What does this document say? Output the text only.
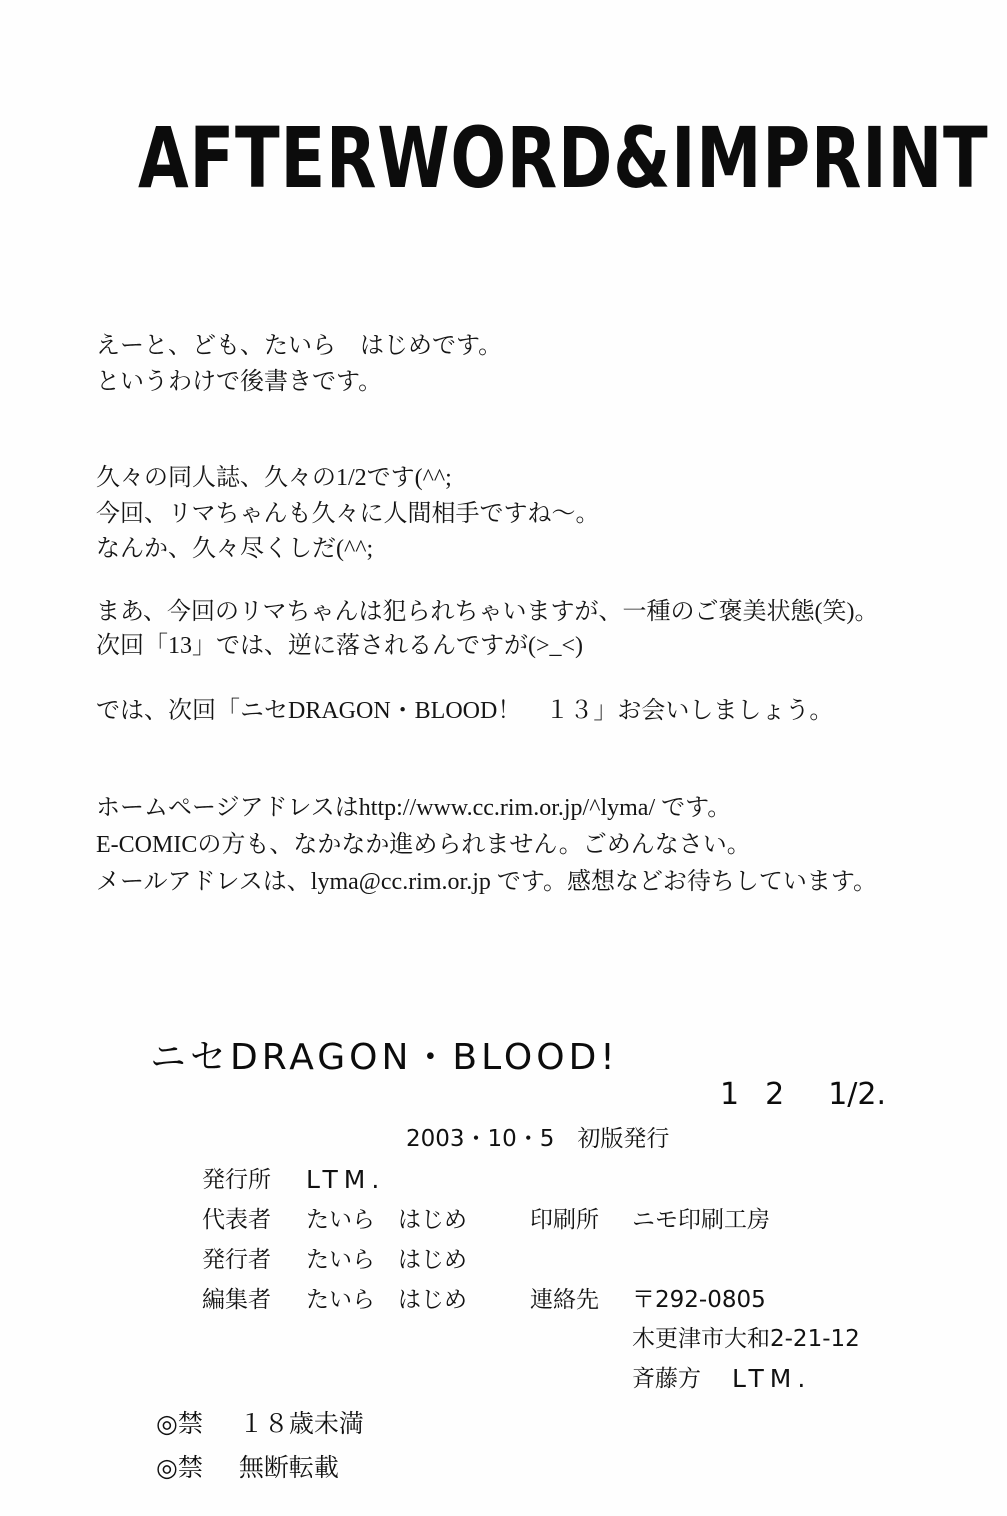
AFTERWORD&IMPRINT
えーと、ども、たいら　はじめです。
というわけで後書きです。
久々の同人誌、久々の1/2です(^^;
今回、リマちゃんも久々に人間相手ですね～。
なんか、久々尽くしだ(^^;
まあ、今回のリマちゃんは犯られちゃいますが、一種のご褒美状態(笑)。
次回「13」では、逆に落されるんですが(>_<)
では、次回「ニセDRAGON・BLOOD！　１３」お会いしましょう。
ホームページアドレスはhttp://www.cc.rim.or.jp/^lyma/ です。
E-COMICの方も、なかなか進められません。ごめんなさい。
メールアドレスは、lyma@cc.rim.or.jp です。感想などお待ちしています。
ニセDRAGON・BLOOD!
12 1/2.
2003・10・5　初版発行
発行所 LTM.
代表者 たいら　はじめ	印刷所 ニモ印刷工房
発行者 たいら　はじめ
編集者 たいら　はじめ	連絡先 〒292-0805
木更津市大和2-21-12
斉藤方 LTM.
◎禁 １８歳未満
◎禁 無断転載
